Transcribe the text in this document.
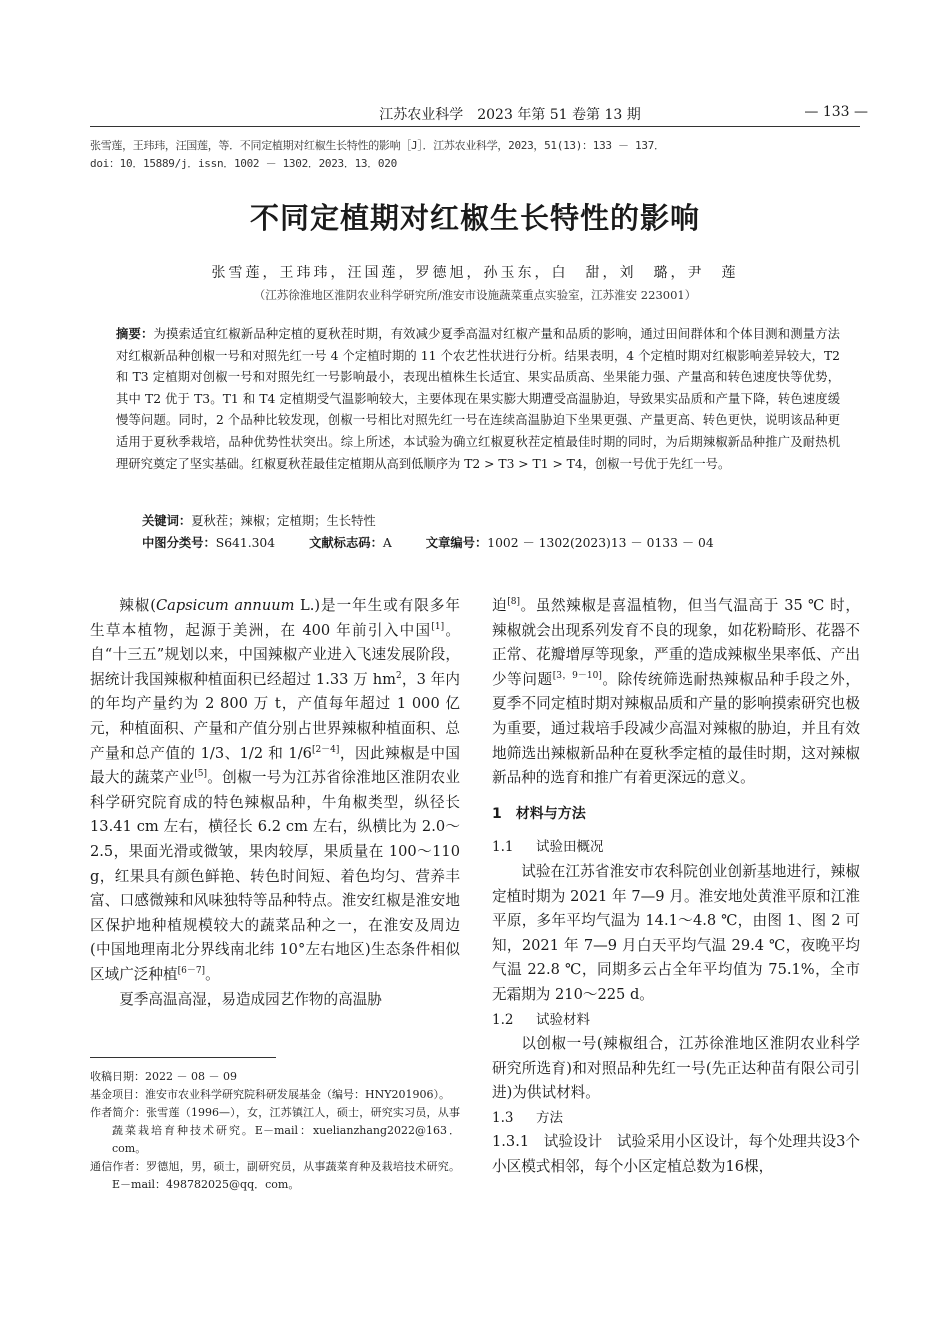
江苏农业科学　2023 年第 51 卷第 13 期	— 133 —
张雪莲，王玮玮，汪国莲，等．不同定植期对红椒生长特性的影响［J］．江苏农业科学，2023，51(13)：133 － 137．
doi：10．15889/j．issn．1002 － 1302．2023．13．020
不同定植期对红椒生长特性的影响
张雪莲，王玮玮，汪国莲，罗德旭，孙玉东，白　甜，刘　璐，尹　莲
（江苏徐淮地区淮阴农业科学研究所/淮安市设施蔬菜重点实验室，江苏淮安 223001）
摘要：为摸索适宜红椒新品种定植的夏秋茬时期，有效减少夏季高温对红椒产量和品质的影响，通过田间群体和个体目测和测量方法对红椒新品种创椒一号和对照先红一号 4 个定植时期的 11 个农艺性状进行分析。结果表明，4 个定植时期对红椒影响差异较大，T2 和 T3 定植期对创椒一号和对照先红一号影响最小，表现出植株生长适宜、果实品质高、坐果能力强、产量高和转色速度快等优势，其中 T2 优于 T3。T1 和 T4 定植期受气温影响较大，主要体现在果实膨大期遭受高温胁迫，导致果实品质和产量下降，转色速度缓慢等问题。同时，2 个品种比较发现，创椒一号相比对照先红一号在连续高温胁迫下坐果更强、产量更高、转色更快，说明该品种更适用于夏秋季栽培，品种优势性状突出。综上所述，本试验为确立红椒夏秋茬定植最佳时期的同时，为后期辣椒新品种推广及耐热机理研究奠定了坚实基础。红椒夏秋茬最佳定植期从高到低顺序为 T2 > T3 > T1 > T4，创椒一号优于先红一号。
关键词：夏秋茬；辣椒；定植期；生长特性
中图分类号：S641.304	文献标志码：A	文章编号：1002 － 1302(2023)13 － 0133 － 04

辣椒(Capsicum annuum L.)是一年生或有限多年生草本植物，起源于美洲，在 400 年前引入中国[1]。自“十三五”规划以来，中国辣椒产业进入飞速发展阶段，据统计我国辣椒种植面积已经超过 1.33 万 $hm^2$，3 年内的年均产量约为 2 800 万 t，产值每年超过 1 000 亿元，种植面积、产量和产值分别占世界辣椒种植面积、总产量和总产值的 1/3、1/2 和 1/6[2－4]，因此辣椒是中国最大的蔬菜产业[5]。创椒一号为江苏省徐淮地区淮阴农业科学研究院育成的特色辣椒品种，牛角椒类型，纵径长 13.41 cm 左右，横径长 6.2 cm 左右，纵横比为 2.0～2.5，果面光滑或微皱，果肉较厚，果质量在 100～110 g，红果具有颜色鲜艳、转色时间短、着色均匀、营养丰富、口感微辣和风味独特等品种特点。淮安红椒是淮安地区保护地种植规模较大的蔬菜品种之一，在淮安及周边(中国地理南北分界线南北纬 10°左右地区)生态条件相似区域广泛种植[6－7]。

夏季高温高湿，易造成园艺作物的高温胁

收稿日期：2022 － 08 － 09
基金项目：淮安市农业科学研究院科研发展基金（编号：HNY201906）。
作者简介：张雪莲（1996—），女，江苏镇江人，硕士，研究实习员，从事蔬菜栽培育种技术研究。E－mail：xuelianzhang2022@163．com。
通信作者：罗德旭，男，硕士，副研究员，从事蔬菜育种及栽培技术研究。E－mail：498782025@qq．com。

迫[8]。虽然辣椒是喜温植物，但当气温高于 35 ℃ 时，辣椒就会出现系列发育不良的现象，如花粉畸形、花器不正常、花瓣增厚等现象，严重的造成辣椒坐果率低、产出少等问题[3，9－10]。除传统筛选耐热辣椒品种手段之外，夏季不同定植时期对辣椒品质和产量的影响摸索研究也极为重要，通过栽培手段减少高温对辣椒的胁迫，并且有效地筛选出辣椒新品种在夏秋季定植的最佳时期，这对辣椒新品种的选育和推广有着更深远的意义。

1　材料与方法
1.1 试验田概况

试验在江苏省淮安市农科院创业创新基地进行，辣椒定植时期为 2021 年 7—9 月。淮安地处黄淮平原和江淮平原，多年平均气温为 14.1～4.8 ℃，由图 1、图 2 可知，2021 年 7—9 月白天平均气温 29.4 ℃，夜晚平均气温 22.8 ℃，同期多云占全年平均值为 75.1%，全市无霜期为 210～225 d。

1.2 试验材料

以创椒一号(辣椒组合，江苏徐淮地区淮阴农业科学研究所选育)和对照品种先红一号(先正达种苗有限公司引进)为供试材料。

1.3 方法

1.3.1　 试验设计　 试验采用小区设计，每个处理共设3个小区模式相邻，每个小区定植总数为16棵，
